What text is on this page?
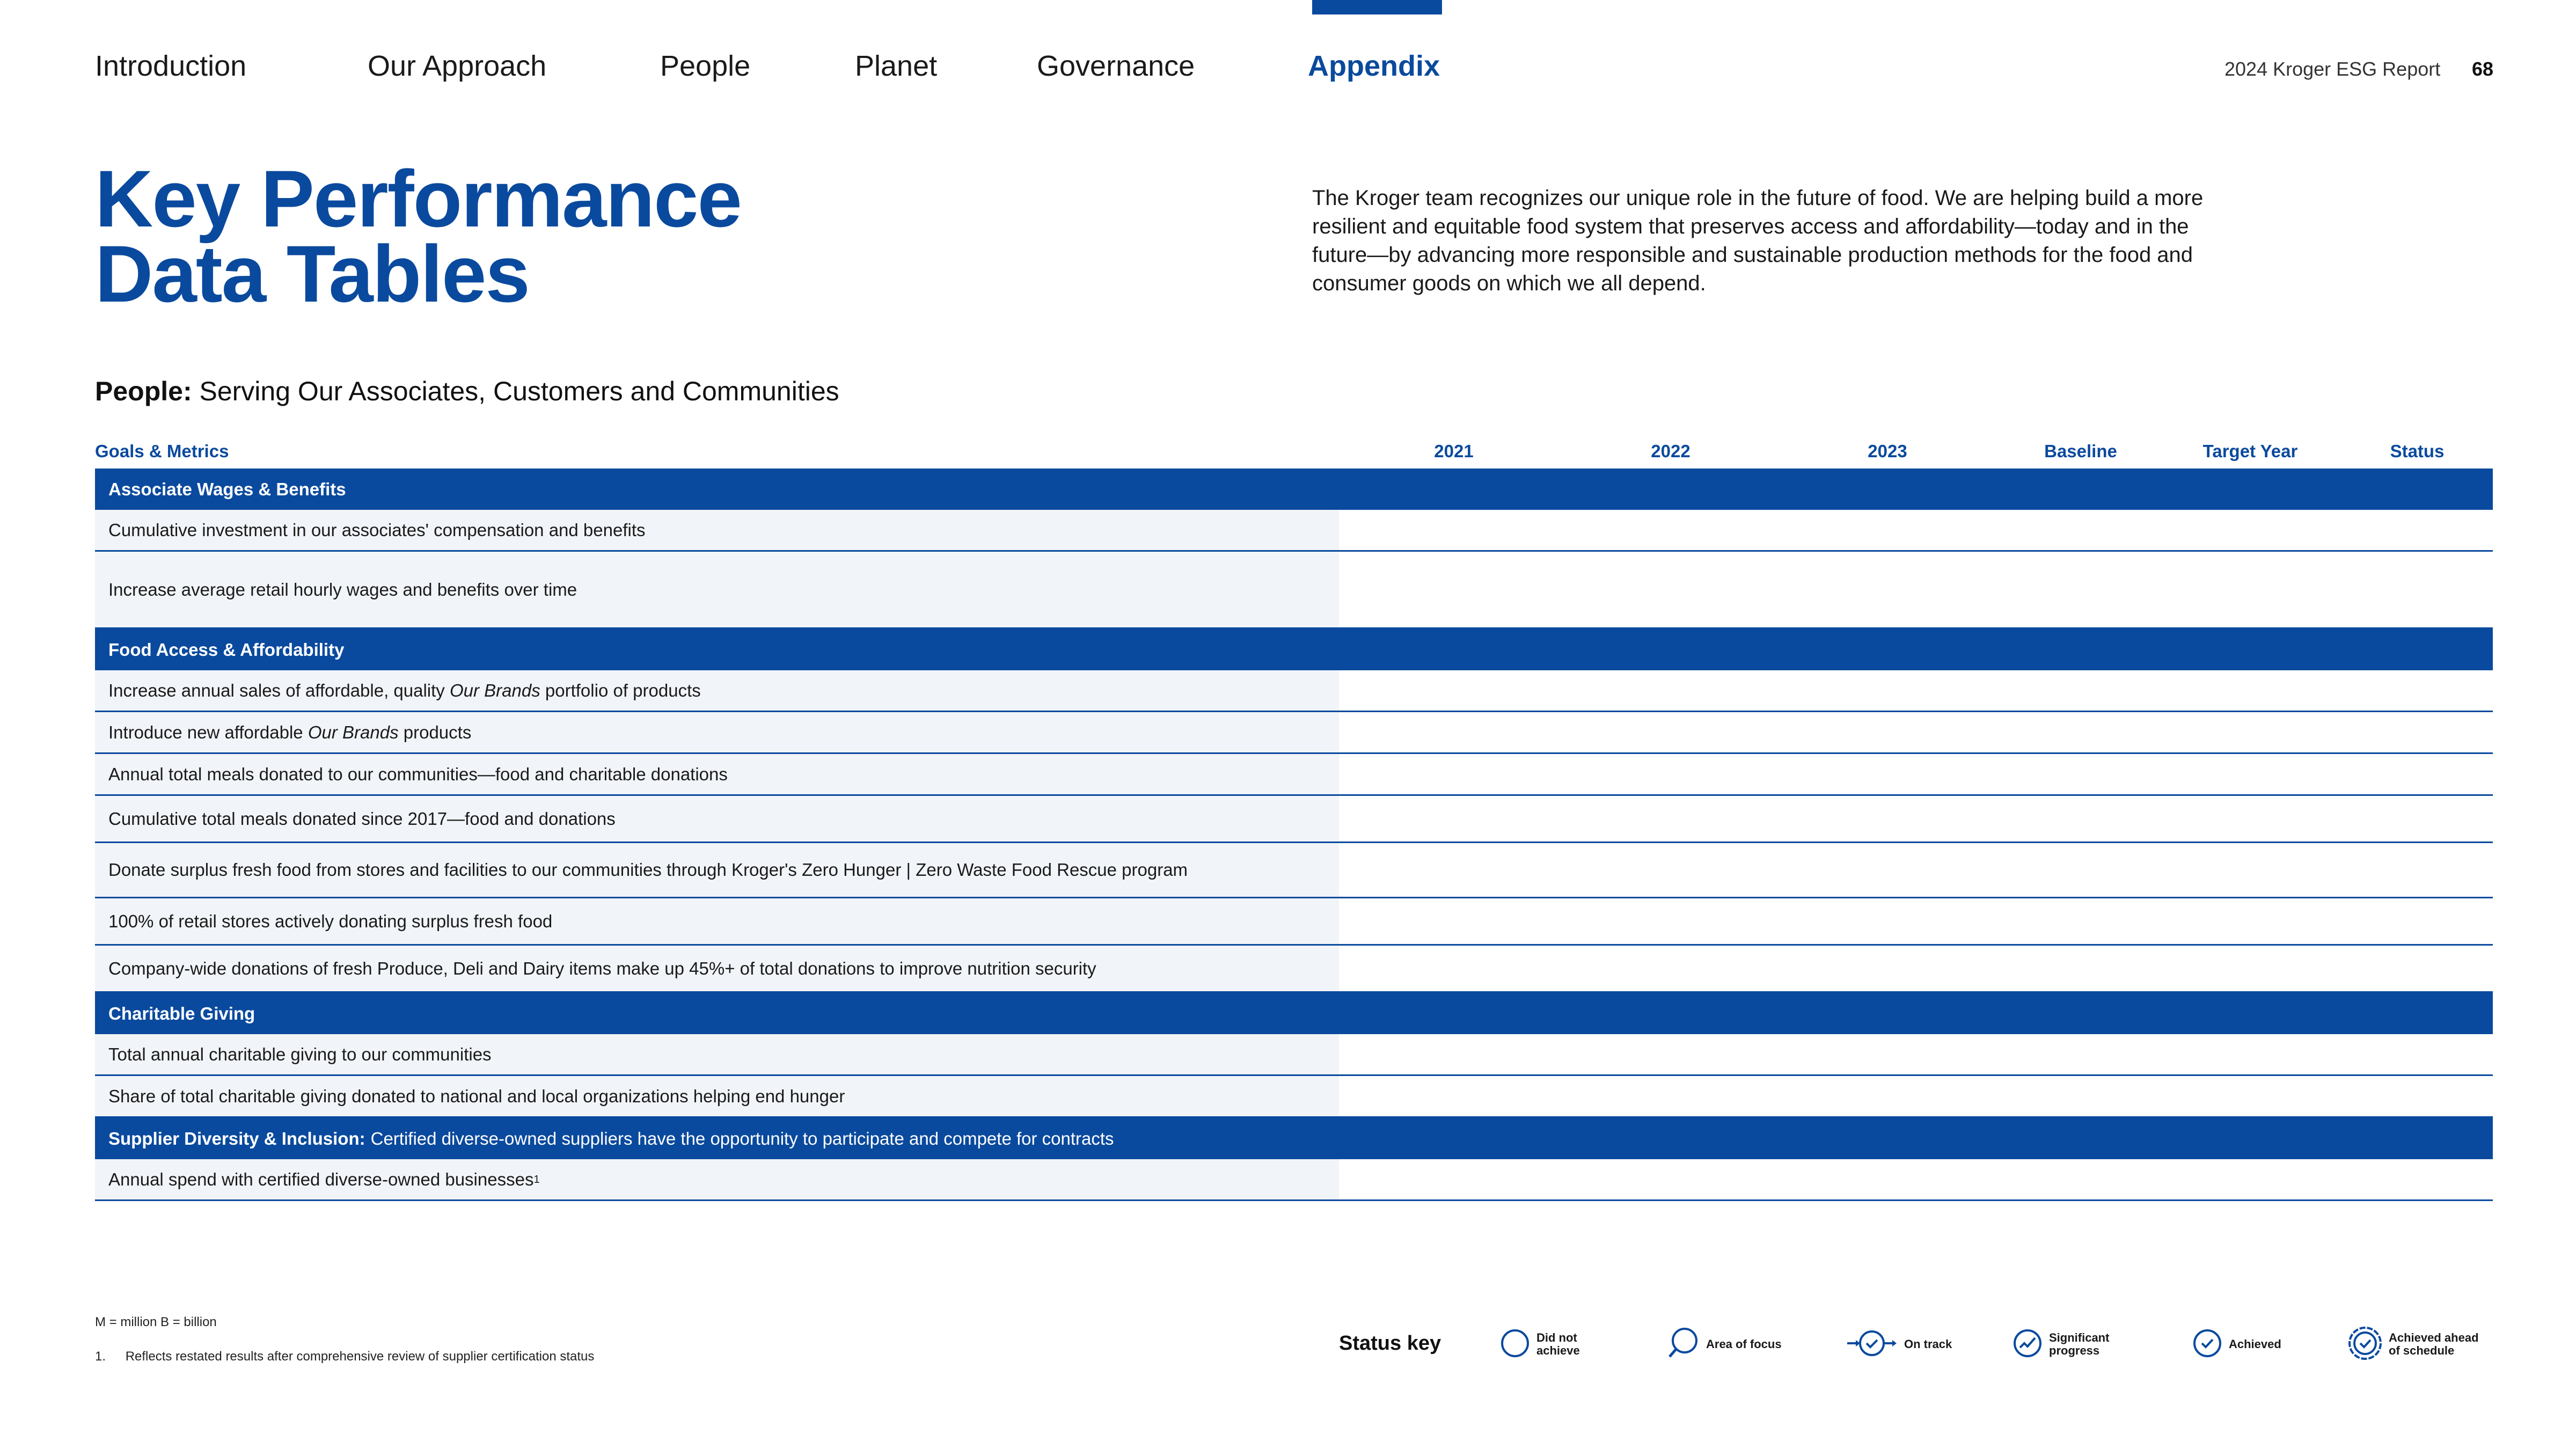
Introduction	Our Approach	People	Planet	Governance	Appendix	2024 Kroger ESG Report 68
Key Performance
Data Tables
The Kroger team recognizes our unique role in the future of food. We are helping build a more resilient and equitable food system that preserves access and affordability—today and in the future—by advancing more responsible and sustainable production methods for the food and consumer goods on which we all depend.
People: Serving Our Associates, Customers and Communities
Goals & Metrics	2021	2022	2023	Baseline	Target Year	Status
Associate Wages & Benefits
Cumulative investment in our associates' compensation and benefits
Increase average retail hourly wages and benefits over time
Food Access & Affordability
Increase annual sales of affordable, quality Our Brands portfolio of products
Introduce new affordable Our Brands products
Annual total meals donated to our communities—food and charitable donations
Cumulative total meals donated since 2017—food and donations
Donate surplus fresh food from stores and facilities to our communities through Kroger's Zero Hunger | Zero Waste Food Rescue program
100% of retail stores actively donating surplus fresh food
Company-wide donations of fresh Produce, Deli and Dairy items make up 45%+ of total donations to improve nutrition security
Charitable Giving
Total annual charitable giving to our communities
Share of total charitable giving donated to national and local organizations helping end hunger
Supplier Diversity & Inclusion: Certified diverse-owned suppliers have the opportunity to participate and compete for contracts
Annual spend with certified diverse-owned businesses 1
M = million B = billion
1. Reflects restated results after comprehensive review of supplier certification status
Status key	Did not
achieve	Area of focus	On track	Significant
progress	Achieved	Achieved ahead
of schedule
